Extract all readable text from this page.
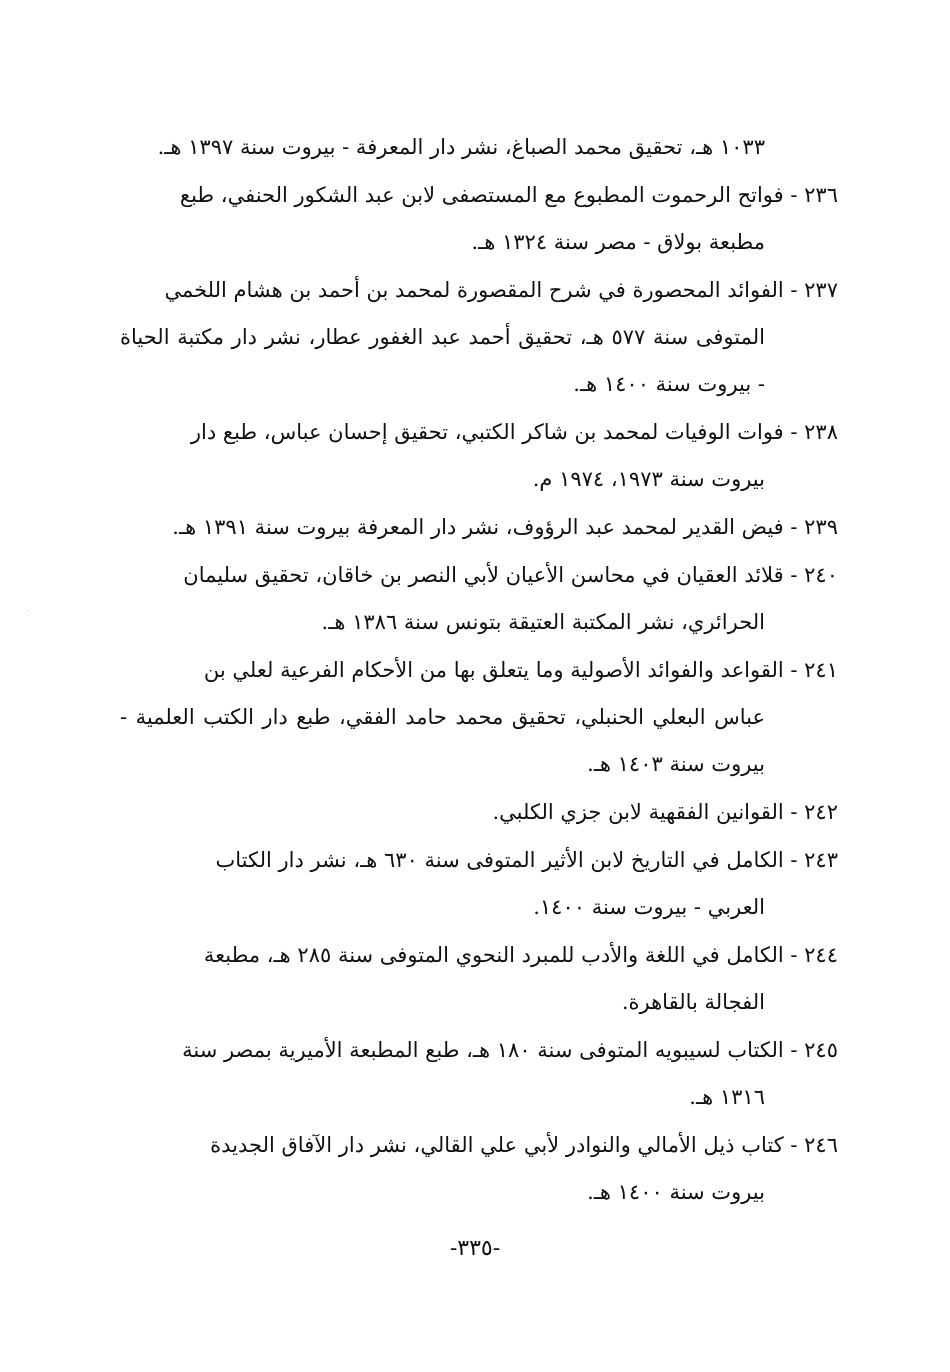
١٠٣٣ هـ، تحقيق محمد الصباغ، نشر دار المعرفة - بيروت سنة ١٣٩٧ هـ.
٢٣٦ - فواتح الرحموت المطبوع مع المستصفى لابن عبد الشكور الحنفي، طبع
مطبعة بولاق - مصر سنة ١٣٢٤ هـ.
٢٣٧ - الفوائد المحصورة في شرح المقصورة لمحمد بن أحمد بن هشام اللخمي
المتوفى سنة ٥٧٧ هـ، تحقيق أحمد عبد الغفور عطار، نشر دار مكتبة الحياة - بيروت سنة ١٤٠٠ هـ.
٢٣٨ - فوات الوفيات لمحمد بن شاكر الكتبي، تحقيق إحسان عباس، طبع دار
بيروت سنة ١٩٧٣، ١٩٧٤ م.
٢٣٩ - فيض القدير لمحمد عبد الرؤوف، نشر دار المعرفة بيروت سنة ١٣٩١ هـ.
٢٤٠ - قلائد العقيان في محاسن الأعيان لأبي النصر بن خاقان، تحقيق سليمان
الحرائري، نشر المكتبة العتيقة بتونس سنة ١٣٨٦ هـ.
٢٤١ - القواعد والفوائد الأصولية وما يتعلق بها من الأحكام الفرعية لعلي بن
عباس البعلي الحنبلي، تحقيق محمد حامد الفقي، طبع دار الكتب العلمية - بيروت سنة ١٤٠٣ هـ.
٢٤٢ - القوانين الفقهية لابن جزي الكلبي.
٢٤٣ - الكامل في التاريخ لابن الأثير المتوفى سنة ٦٣٠ هـ، نشر دار الكتاب
العربي - بيروت سنة ١٤٠٠.
٢٤٤ - الكامل في اللغة والأدب للمبرد النحوي المتوفى سنة ٢٨٥ هـ، مطبعة
الفجالة بالقاهرة.
٢٤٥ - الكتاب لسيبويه المتوفى سنة ١٨٠ هـ، طبع المطبعة الأميرية بمصر سنة
١٣١٦ هـ.
٢٤٦ - كتاب ذيل الأمالي والنوادر لأبي علي القالي، نشر دار الآفاق الجديدة
بيروت سنة ١٤٠٠ هـ.
-٣٣٥-
